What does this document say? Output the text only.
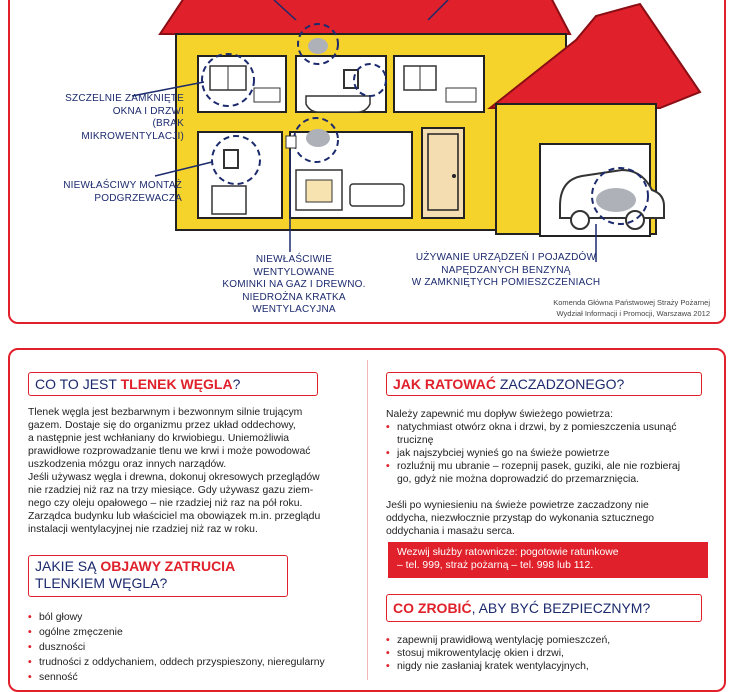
SZCZELNIE ZAMKNIĘTE
OKNA I DRZWI
(BRAK MIKROWENTYLACJI)
NIEWŁAŚCIWY MONTAŻ
PODGRZEWACZA
NIEWŁAŚCIWIE WENTYLOWANE
KOMINKI NA GAZ I DREWNO.
NIEDROŻNA KRATKA
WENTYLACYJNA
UŻYWANIE URZĄDZEŃ I POJAZDÓW
NAPĘDZANYCH BENZYNĄ
W ZAMKNIĘTYCH POMIESZCZENIACH
Komenda Główna Państwowej Straży Pożarnej
Wydział Informacji i Promocji, Warszawa 2012
CO TO JEST TLENEK WĘGLA?
Tlenek węgla jest bezbarwnym i bezwonnym silnie trującym
gazem. Dostaje się do organizmu przez układ oddechowy,
a następnie jest wchłaniany do krwiobiegu. Uniemożliwia
prawidłowe rozprowadzanie tlenu we krwi i może powodować
uszkodzenia mózgu oraz innych narządów.
Jeśli używasz węgla i drewna, dokonuj okresowych przeglądów
nie rzadziej niż raz na trzy miesiące. Gdy używasz gazu ziem-
nego czy oleju opałowego – nie rzadziej niż raz na pół roku.
Zarządca budynku lub właściciel ma obowiązek m.in. przeglądu
instalacji wentylacyjnej nie rzadziej niż raz w roku.
JAKIE SĄ OBJAWY ZATRUCIA
TLENKIEM WĘGLA?
• ból głowy
• ogólne zmęczenie
• duszności
• trudności z oddychaniem, oddech przyspieszony, nieregularny
• senność
JAK RATOWAĆ ZACZADZONEGO?
Należy zapewnić mu dopływ świeżego powietrza:
• natychmiast otwórz okna i drzwi, by z pomieszczenia usunąć
truciznę
• jak najszybciej wynieś go na świeże powietrze
• rozluźnij mu ubranie – rozepnij pasek, guziki, ale nie rozbieraj
go, gdyż nie można doprowadzić do przemarznięcia.
Jeśli po wyniesieniu na świeże powietrze zaczadzony nie
oddycha, niezwłocznie przystąp do wykonania sztucznego
oddychania i masażu serca.
Wezwij służby ratownicze: pogotowie ratunkowe
– tel. 999, straż pożarną – tel. 998 lub 112.
CO ZROBIĆ, ABY BYĆ BEZPIECZNYM?
• zapewnij prawidłową wentylację pomieszczeń,
• stosuj mikrowentylację okien i drzwi,
• nigdy nie zasłaniaj kratek wentylacyjnych,
